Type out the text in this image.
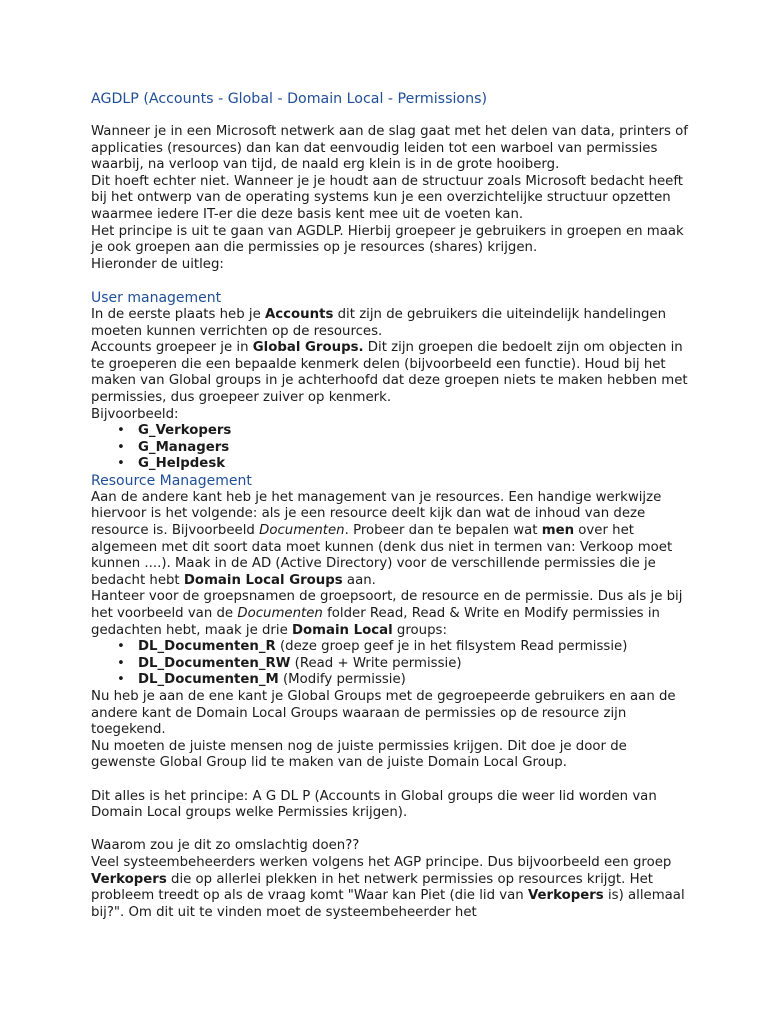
AGDLP (Accounts - Global - Domain Local - Permissions)

Wanneer je in een Microsoft netwerk aan de slag gaat met het delen van data, printers of applicaties (resources) dan kan dat eenvoudig leiden tot een warboel van permissies waarbij, na verloop van tijd, de naald erg klein is in de grote hooiberg.

Dit hoeft echter niet. Wanneer je je houdt aan de structuur zoals Microsoft bedacht heeft bij het ontwerp van de operating systems kun je een overzichtelijke structuur opzetten waarmee iedere IT-er die deze basis kent mee uit de voeten kan.

Het principe is uit te gaan van AGDLP. Hierbij groepeer je gebruikers in groepen en maak je ook groepen aan die permissies op je resources (shares) krijgen.

Hieronder de uitleg:

User management

In de eerste plaats heb je Accounts dit zijn de gebruikers die uiteindelijk handelingen moeten kunnen verrichten op de resources.

Accounts groepeer je in Global Groups. Dit zijn groepen die bedoelt zijn om objecten in te groeperen die een bepaalde kenmerk delen (bijvoorbeeld een functie). Houd bij het maken van Global groups in je achterhoofd dat deze groepen niets te maken hebben met permissies, dus groepeer zuiver op kenmerk.

Bijvoorbeeld:

• G_Verkopers
• G_Managers
• G_Helpdesk
Resource Management

Aan de andere kant heb je het management van je resources. Een handige werkwijze hiervoor is het volgende: als je een resource deelt kijk dan wat de inhoud van deze resource is. Bijvoorbeeld Documenten. Probeer dan te bepalen wat men over het algemeen met dit soort data moet kunnen (denk dus niet in termen van: Verkoop moet kunnen ....). Maak in de AD (Active Directory) voor de verschillende permissies die je bedacht hebt Domain Local Groups aan.

Hanteer voor de groepsnamen de groepsoort, de resource en de permissie. Dus als je bij het voorbeeld van de Documenten folder Read, Read & Write en Modify permissies in gedachten hebt, maak je drie Domain Local groups:

• DL_Documenten_R (deze groep geef je in het filsystem Read permissie)
• DL_Documenten_RW (Read + Write permissie)
• DL_Documenten_M (Modify permissie)

Nu heb je aan de ene kant je Global Groups met de gegroepeerde gebruikers en aan de andere kant de Domain Local Groups waaraan de permissies op de resource zijn toegekend.

Nu moeten de juiste mensen nog de juiste permissies krijgen. Dit doe je door de gewenste Global Group lid te maken van de juiste Domain Local Group.

Dit alles is het principe: A G DL P (Accounts in Global groups die weer lid worden van Domain Local groups welke Permissies krijgen).

Waarom zou je dit zo omslachtig doen??

Veel systeembeheerders werken volgens het AGP principe. Dus bijvoorbeeld een groep Verkopers die op allerlei plekken in het netwerk permissies op resources krijgt. Het probleem treedt op als de vraag komt "Waar kan Piet (die lid van Verkopers is) allemaal bij?". Om dit uit te vinden moet de systeembeheerder het
